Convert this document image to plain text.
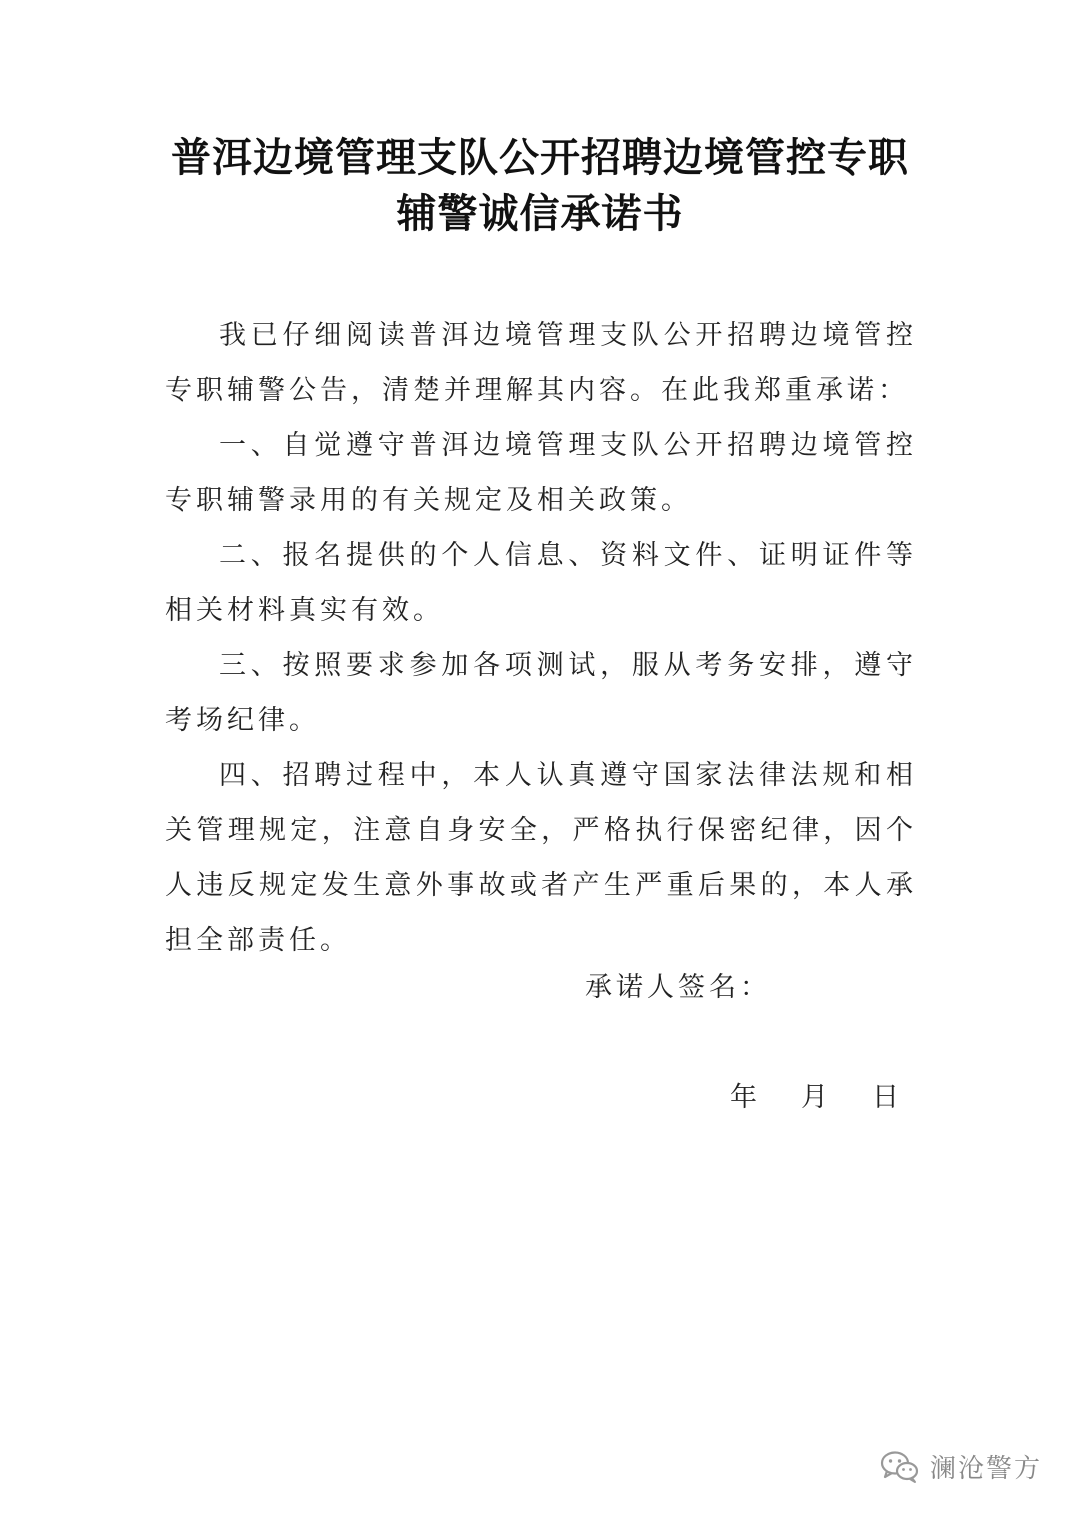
普洱边境管理支队公开招聘边境管控专职
辅警诚信承诺书

我已仔细阅读普洱边境管理支队公开招聘边境管控专职辅警公告，清楚并理解其内容。在此我郑重承诺：

一、自觉遵守普洱边境管理支队公开招聘边境管控专职辅警录用的有关规定及相关政策。

二、报名提供的个人信息、资料文件、证明证件等相关材料真实有效。

三、按照要求参加各项测试，服从考务安排，遵守考场纪律。

四、招聘过程中，本人认真遵守国家法律法规和相关管理规定，注意自身安全，严格执行保密纪律，因个人违反规定发生意外事故或者产生严重后果的，本人承担全部责任。

承诺人签名：
年 月 日
澜沧警方
